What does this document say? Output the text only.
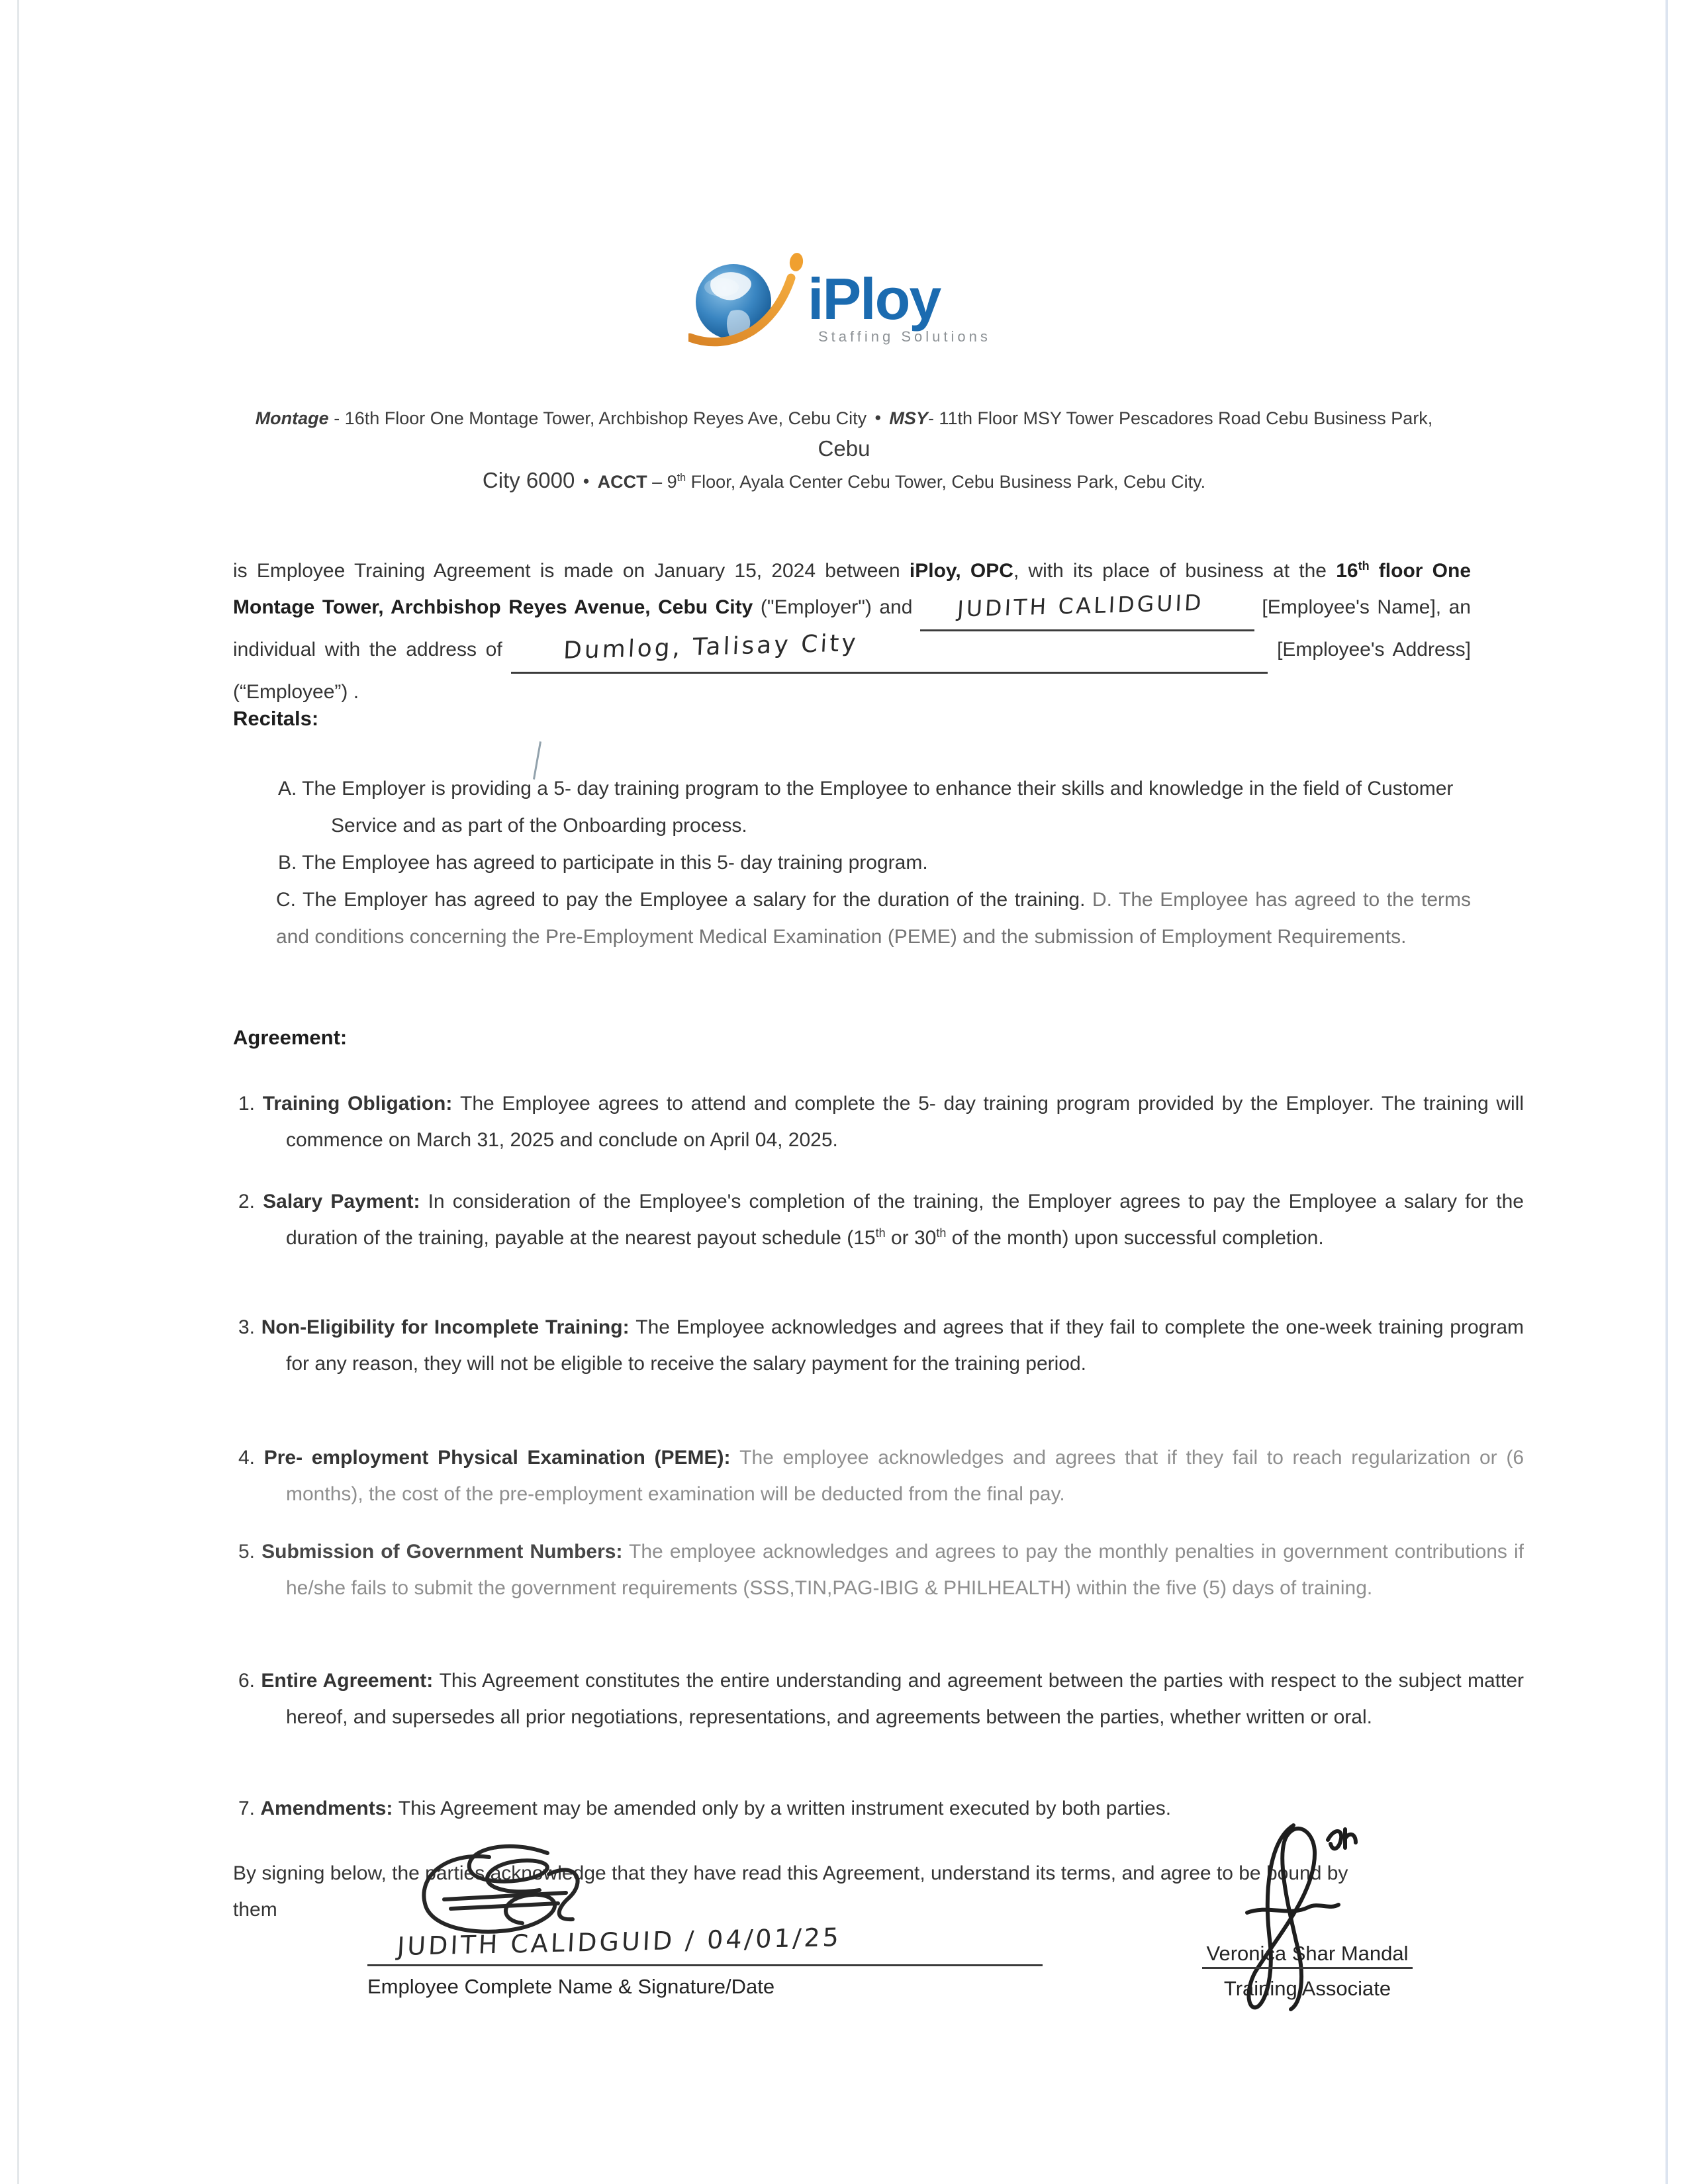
iPloy
Staffing Solutions
Montage - 16th Floor One Montage Tower, Archbishop Reyes Ave, Cebu City ● MSY- 11th Floor MSY Tower Pescadores Road Cebu Business Park, Cebu
City 6000 ● ACCT – 9th Floor, Ayala Center Cebu Tower, Cebu Business Park, Cebu City.
is Employee Training Agreement is made on January 15, 2024 between iPloy, OPC, with its place of business at the 16th floor One Montage Tower, Archbishop Reyes Avenue, Cebu City ("Employer") and JUDITH CALIDGUID	[Employee's Name], an individual with the address of Dumlog, Talisay City	[Employee's Address] (“Employee”) .
Recitals:
A. The Employer is providing a 5- day training program to the Employee to enhance their skills and knowledge in the field of Customer Service and as part of the Onboarding process.
B. The Employee has agreed to participate in this 5- day training program.
C. The Employer has agreed to pay the Employee a salary for the duration of the training. D. The Employee has agreed to the terms and conditions concerning the Pre-Employment Medical Examination (PEME) and the submission of Employment Requirements.
Agreement:
1. Training Obligation: The Employee agrees to attend and complete the 5- day training program provided by the Employer. The training will commence on March 31, 2025 and conclude on April 04, 2025.
2. Salary Payment: In consideration of the Employee's completion of the training, the Employer agrees to pay the Employee a salary for the duration of the training, payable at the nearest payout schedule (15th or 30th of the month) upon successful completion.
3. Non-Eligibility for Incomplete Training: The Employee acknowledges and agrees that if they fail to complete the one-week training program for any reason, they will not be eligible to receive the salary payment for the training period.
4. Pre- employment Physical Examination (PEME): The employee acknowledges and agrees that if they fail to reach regularization or (6 months), the cost of the pre-employment examination will be deducted from the final pay.
5. Submission of Government Numbers: The employee acknowledges and agrees to pay the monthly penalties in government contributions if he/she fails to submit the government requirements (SSS,TIN,PAG-IBIG & PHILHEALTH) within the five (5) days of training.
6. Entire Agreement: This Agreement constitutes the entire understanding and agreement between the parties with respect to the subject matter hereof, and supersedes all prior negotiations, representations, and agreements between the parties, whether written or oral.
7. Amendments: This Agreement may be amended only by a written instrument executed by both parties.
By signing below, the parties acknowledge that they have read this Agreement, understand its terms, and agree to be bound by them
JUDITH CALIDGUID / 04/01/25
Employee Complete Name & Signature/Date
Veronica Shar Mandal
Training Associate
